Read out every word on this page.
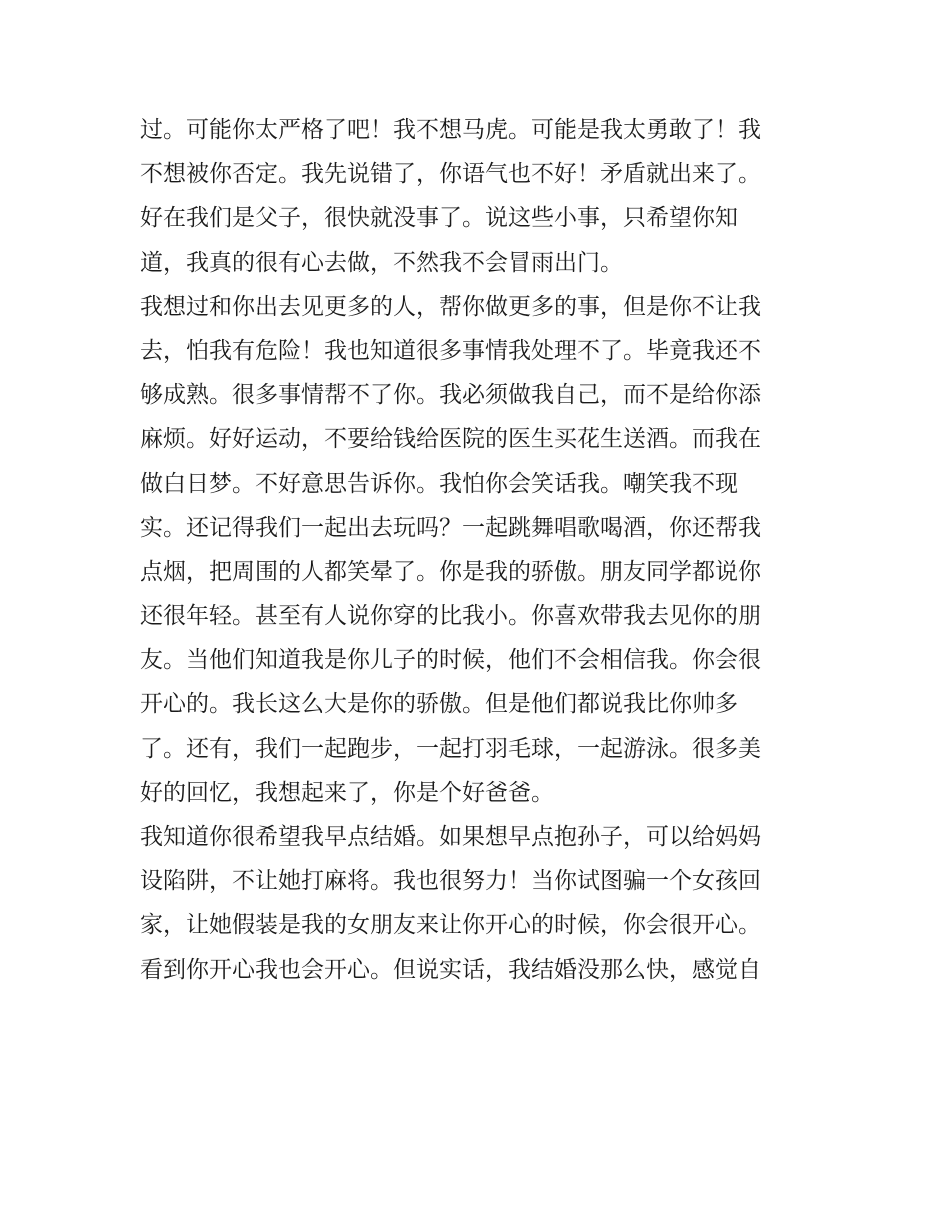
过。可能你太严格了吧！我不想马虎。可能是我太勇敢了！我
不想被你否定。我先说错了，你语气也不好！矛盾就出来了。
好在我们是父子，很快就没事了。说这些小事，只希望你知
道，我真的很有心去做，不然我不会冒雨出门。
我想过和你出去见更多的人，帮你做更多的事，但是你不让我
去，怕我有危险！我也知道很多事情我处理不了。毕竟我还不
够成熟。很多事情帮不了你。我必须做我自己，而不是给你添
麻烦。好好运动，不要给钱给医院的医生买花生送酒。而我在
做白日梦。不好意思告诉你。我怕你会笑话我。嘲笑我不现
实。还记得我们一起出去玩吗？一起跳舞唱歌喝酒，你还帮我
点烟，把周围的人都笑晕了。你是我的骄傲。朋友同学都说你
还很年轻。甚至有人说你穿的比我小。你喜欢带我去见你的朋
友。当他们知道我是你儿子的时候，他们不会相信我。你会很
开心的。我长这么大是你的骄傲。但是他们都说我比你帅多
了。还有，我们一起跑步，一起打羽毛球，一起游泳。很多美
好的回忆，我想起来了，你是个好爸爸。
我知道你很希望我早点结婚。如果想早点抱孙子，可以给妈妈
设陷阱，不让她打麻将。我也很努力！当你试图骗一个女孩回
家，让她假装是我的女朋友来让你开心的时候，你会很开心。
看到你开心我也会开心。但说实话，我结婚没那么快，感觉自
